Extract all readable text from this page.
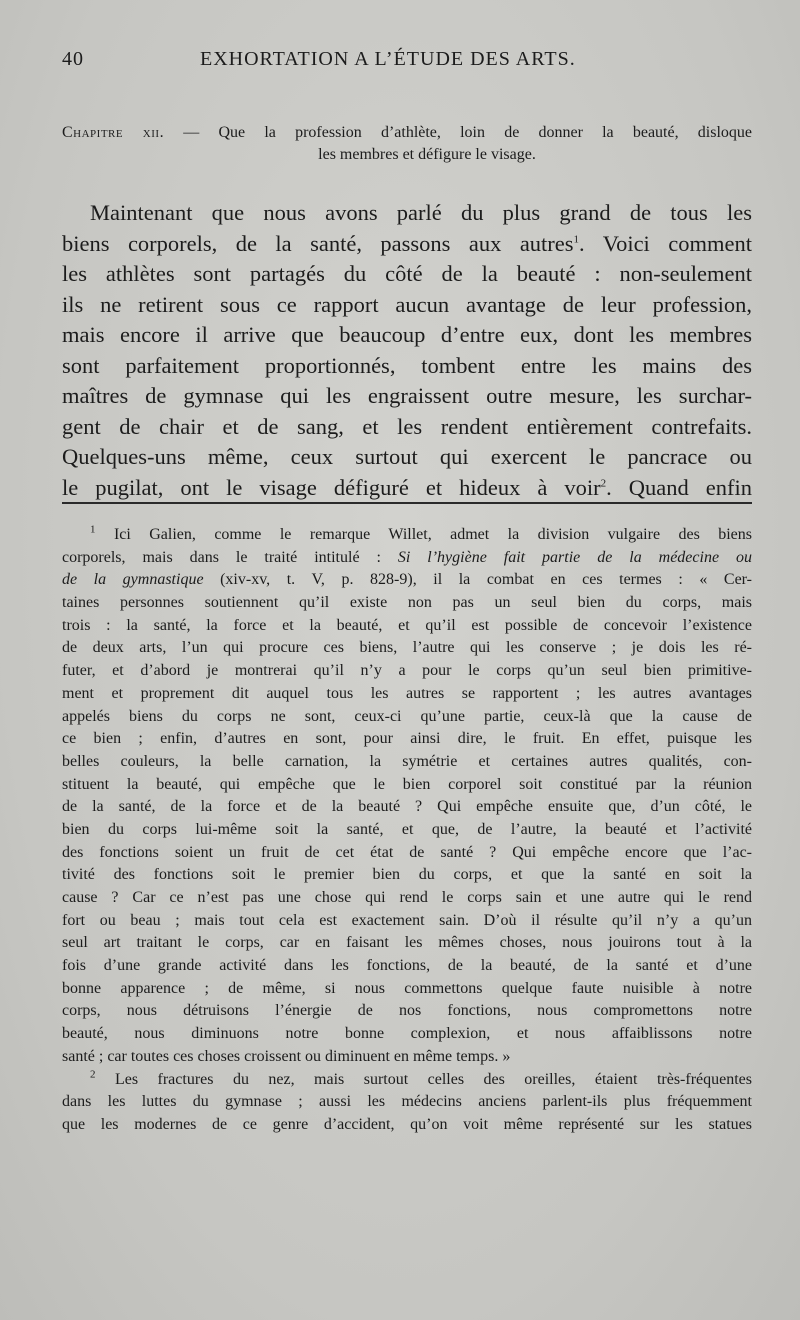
40	EXHORTATION A L’ÉTUDE DES ARTS.
Chapitre xii. — Que la profession d’athlète, loin de donner la beauté, disloque
les membres et défigure le visage.
Maintenant que nous avons parlé du plus grand de tous les
biens corporels, de la santé, passons aux autres$^1$. Voici comment
les athlètes sont partagés du côté de la beauté : non-seulement
ils ne retirent sous ce rapport aucun avantage de leur profession,
mais encore il arrive que beaucoup d’entre eux, dont les membres
sont parfaitement proportionnés, tombent entre les mains des
maîtres de gymnase qui les engraissent outre mesure, les surchar-
gent de chair et de sang, et les rendent entièrement contrefaits.
Quelques-uns même, ceux surtout qui exercent le pancrace ou
le pugilat, ont le visage défiguré et hideux à voir$^2$. Quand enfin
$^1$ Ici Galien, comme le remarque Willet, admet la division vulgaire des biens
corporels, mais dans le traité intitulé : Si l’hygiène fait partie de la médecine ou
de la gymnastique (xiv-xv, t. V, p. 828-9), il la combat en ces termes : « Cer-
taines personnes soutiennent qu’il existe non pas un seul bien du corps, mais
trois : la santé, la force et la beauté, et qu’il est possible de concevoir l’existence
de deux arts, l’un qui procure ces biens, l’autre qui les conserve ; je dois les ré-
futer, et d’abord je montrerai qu’il n’y a pour le corps qu’un seul bien primitive-
ment et proprement dit auquel tous les autres se rapportent ; les autres avantages
appelés biens du corps ne sont, ceux-ci qu’une partie, ceux-là que la cause de
ce bien ; enfin, d’autres en sont, pour ainsi dire, le fruit. En effet, puisque les
belles couleurs, la belle carnation, la symétrie et certaines autres qualités, con-
stituent la beauté, qui empêche que le bien corporel soit constitué par la réunion
de la santé, de la force et de la beauté ? Qui empêche ensuite que, d’un côté, le
bien du corps lui-même soit la santé, et que, de l’autre, la beauté et l’activité
des fonctions soient un fruit de cet état de santé ? Qui empêche encore que l’ac-
tivité des fonctions soit le premier bien du corps, et que la santé en soit la
cause ? Car ce n’est pas une chose qui rend le corps sain et une autre qui le rend
fort ou beau ; mais tout cela est exactement sain. D’où il résulte qu’il n’y a qu’un
seul art traitant le corps, car en faisant les mêmes choses, nous jouirons tout à la
fois d’une grande activité dans les fonctions, de la beauté, de la santé et d’une
bonne apparence ; de même, si nous commettons quelque faute nuisible à notre
corps, nous détruisons l’énergie de nos fonctions, nous compromettons notre
beauté, nous diminuons notre bonne complexion, et nous affaiblissons notre
santé ; car toutes ces choses croissent ou diminuent en même temps. »
$^2$ Les fractures du nez, mais surtout celles des oreilles, étaient très-fréquentes
dans les luttes du gymnase ; aussi les médecins anciens parlent-ils plus fréquemment
que les modernes de ce genre d’accident, qu’on voit même représenté sur les statues
